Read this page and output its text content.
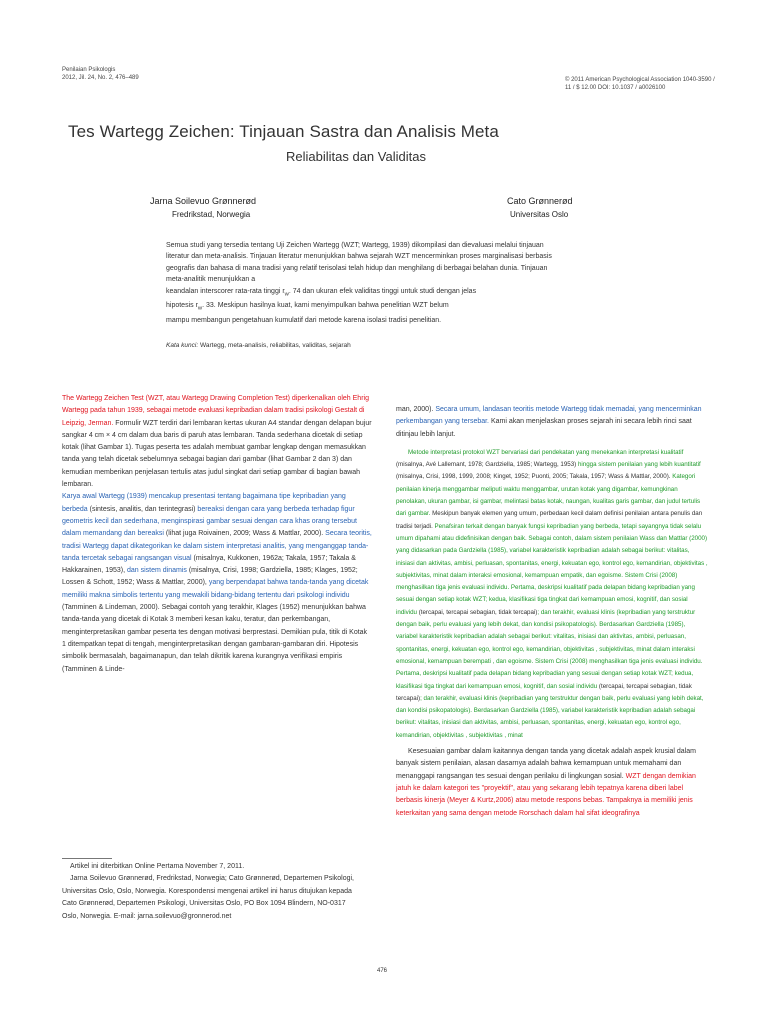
Penilaian Psikologis
2012, Jil. 24, No. 2, 476–489	© 2011 American Psychological Association 1040-3590 /
11 / $ 12.00 DOI: 10.1037 / a0026100
Tes Wartegg Zeichen: Tinjauan Sastra dan Analisis Meta
Reliabilitas dan Validitas
Jarna Soilevuo Grønnerød
Fredrikstad, Norwegia
Cato Grønnerød
Universitas Oslo

Semua studi yang tersedia tentang Uji Zeichen Wartegg (WZT; Wartegg, 1939) dikompilasi dan dievaluasi melalui tinjauan literatur dan meta-analisis. Tinjauan literatur menunjukkan bahwa sejarah WZT mencerminkan proses marginalisasi berbasis geografis dan bahasa di mana tradisi yang relatif terisolasi telah hidup dan menghilang di berbagai belahan dunia. Tinjauan meta-analitik menunjukkan a

keandalan interscorer rata-rata tinggi $r_w$. 74 dan ukuran efek validitas tinggi untuk studi dengan jelas

hipotesis $r_w$. 33. Meskipun hasilnya kuat, kami menyimpulkan bahwa penelitian WZT belum

mampu membangun pengetahuan kumulatif dari metode karena isolasi tradisi penelitian.

Kata kunci: Wartegg, meta-analisis, reliabilitas, validitas, sejarah

The Wartegg Zeichen Test (WZT, atau Wartegg Drawing Completion Test) diperkenalkan oleh Ehrig Wartegg pada tahun 1939, sebagai metode evaluasi kepribadian dalam tradisi psikologi Gestalt di Leipzig, Jerman. Formulir WZT terdiri dari lembaran kertas ukuran A4 standar dengan delapan bujur sangkar 4 cm × 4 cm dalam dua baris di paruh atas lembaran. Tanda sederhana dicetak di setiap kotak (lihat Gambar 1). Tugas peserta tes adalah membuat gambar lengkap dengan memasukkan tanda yang telah dicetak sebelumnya sebagai bagian dari gambar (lihat Gambar 2 dan 3) dan kemudian memberikan penjelasan tertulis atas judul singkat dari setiap gambar di bagian bawah lembaran.

Karya awal Wartegg (1939) mencakup presentasi tentang bagaimana tipe kepribadian yang berbeda (sintesis, analitis, dan terintegrasi) bereaksi dengan cara yang berbeda terhadap figur geometris kecil dan sederhana, menginspirasi gambar sesuai dengan cara khas orang tersebut dalam memandang dan bereaksi (lihat juga Roivainen, 2009; Wass & Mattlar, 2000). Secara teoritis, tradisi Wartegg dapat dikategorikan ke dalam sistem interpretasi analitis, yang menganggap tanda-tanda tercetak sebagai rangsangan visual (misalnya, Kukkonen, 1962a; Takala, 1957; Takala & Hakkarainen, 1953), dan sistem dinamis (misalnya, Crisi, 1998; Gardziella, 1985; Klages, 1952; Lossen & Schott, 1952; Wass & Mattlar, 2000), yang berpendapat bahwa tanda-tanda yang dicetak memiliki makna simbolis tertentu yang mewakili bidang-bidang tertentu dari psikologi individu (Tamminen & Lindeman, 2000). Sebagai contoh yang terakhir, Klages (1952) menunjukkan bahwa tanda-tanda yang dicetak di Kotak 3 memberi kesan kaku, teratur, dan perkembangan, menginterpretasikan gambar peserta tes dengan motivasi berprestasi. Demikian pula, titik di Kotak 1 ditempatkan tepat di tengah, menginterpretasikan dengan gambaran-gambaran diri. Hipotesis simbolik bermasalah, bagaimanapun, dan telah dikritik karena kurangnya verifikasi empiris (Tamminen & Linde-

man, 2000). Secara umum, landasan teoritis metode Wartegg tidak memadai, yang mencerminkan perkembangan yang tersebar. Kami akan menjelaskan proses sejarah ini secara lebih rinci saat ditinjau lebih lanjut.

Metode interpretasi protokol WZT bervariasi dari pendekatan yang menekankan interpretasi kualitatif (misalnya, Avé Lallemant, 1978; Gardziella, 1985; Wartegg, 1953) hingga sistem penilaian yang lebih kuantitatif (misalnya, Crisi, 1998, 1999, 2008; Kinget, 1952; Puonti, 2005; Takala, 1957; Wass & Mattlar, 2000). Kategori penilaian kinerja menggambar meliputi waktu menggambar, urutan kotak yang digambar, kemungkinan penolakan, ukuran gambar, isi gambar, melintasi batas kotak, naungan, kualitas garis gambar, dan judul tertulis dari gambar. Meskipun banyak elemen yang umum, perbedaan kecil dalam definisi penilaian antara penulis dan tradisi terjadi. Penafsiran terkait dengan banyak fungsi kepribadian yang berbeda, tetapi sayangnya tidak selalu umum dipahami atau didefinisikan dengan baik. Sebagai contoh, dalam sistem penilaian Wass dan Mattlar (2000) yang didasarkan pada Gardziella (1985), variabel karakteristik kepribadian adalah sebagai berikut: vitalitas, inisiasi dan aktivitas, ambisi, perluasan, spontanitas, energi, kekuatan ego, kontrol ego, kemandirian, objektivitas , subjektivitas, minat dalam interaksi emosional, kemampuan empatik, dan egoisme. Sistem Crisi (2008) menghasilkan tiga jenis evaluasi individu. Pertama, deskripsi kualitatif pada delapan bidang kepribadian yang sesuai dengan setiap kotak WZT; kedua, klasifikasi tiga tingkat dari kemampuan emosi, kognitif, dan sosial individu (tercapai, tercapai sebagian, tidak tercapai); dan terakhir, evaluasi klinis (kepribadian yang terstruktur dengan baik, perlu evaluasi yang lebih dekat, dan kondisi psikopatologis). Berdasarkan Gardziella (1985), variabel karakteristik kepribadian adalah sebagai berikut: vitalitas, inisiasi dan aktivitas, ambisi, perluasan, spontanitas, energi, kekuatan ego, kontrol ego, kemandirian, objektivitas , subjektivitas, minat dalam interaksi emosional, kemampuan berempati , dan egoisme. Sistem Crisi (2008) menghasilkan tiga jenis evaluasi individu. Pertama, deskripsi kualitatif pada delapan bidang kepribadian yang sesuai dengan setiap kotak WZT; kedua, klasifikasi tiga tingkat dari kemampuan emosi, kognitif, dan sosial individu (tercapai, tercapai sebagian, tidak tercapai); dan terakhir, evaluasi klinis (kepribadian yang terstruktur dengan baik, perlu evaluasi yang lebih dekat, dan kondisi psikopatologis). Berdasarkan Gardziella (1985), variabel karakteristik kepribadian adalah sebagai berikut: vitalitas, inisiasi dan aktivitas, ambisi, perluasan, spontanitas, energi, kekuatan ego, kontrol ego, kemandirian, objektivitas , subjektivitas , minat

Kesesuaian gambar dalam kaitannya dengan tanda yang dicetak adalah aspek krusial dalam banyak sistem penilaian, alasan dasarnya adalah bahwa kemampuan untuk memahami dan menanggapi rangsangan tes sesuai dengan perilaku di lingkungan sosial. WZT dengan demikian jatuh ke dalam kategori tes "proyektif", atau yang sekarang lebih tepatnya karena diberi label berbasis kinerja (Meyer & Kurtz,2006) atau metode respons bebas. Tampaknya ia memiliki jenis keterkaitan yang sama dengan metode Rorschach dalam hal sifat ideografinya

Artikel ini diterbitkan Online Pertama November 7, 2011.
Jarna Soilevuo Grønnerød, Fredrikstad, Norwegia; Cato Grønnerød, Departemen Psikologi, Universitas Oslo, Oslo, Norwegia. Korespondensi mengenai artikel ini harus ditujukan kepada Cato Grønnerød, Departemen Psikologi, Universitas Oslo, PO Box 1094 Blindern, NO-0317 Oslo, Norwegia. E-mail: jarna.soilevuo@gronnerod.net
476
